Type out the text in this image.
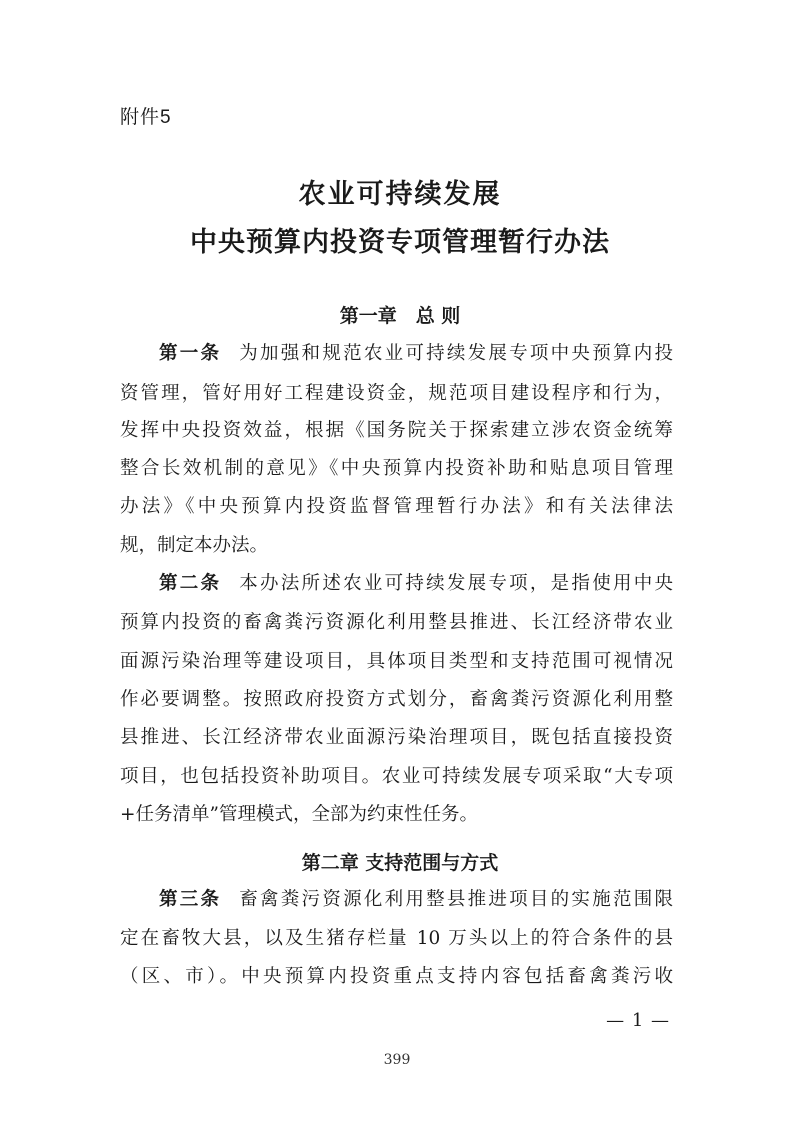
附件5
农业可持续发展
中央预算内投资专项管理暂行办法
第一章　总 则
第一条 为加强和规范农业可持续发展专项中央预算内投
资管理，管好用好工程建设资金，规范项目建设程序和行为，
发挥中央投资效益，根据《国务院关于探索建立涉农资金统筹
整合长效机制的意见》《中央预算内投资补助和贴息项目管理
办法》《中央预算内投资监督管理暂行办法》和有关法律法
规，制定本办法。
第二条 本办法所述农业可持续发展专项，是指使用中央
预算内投资的畜禽粪污资源化利用整县推进、长江经济带农业
面源污染治理等建设项目，具体项目类型和支持范围可视情况
作必要调整。按照政府投资方式划分，畜禽粪污资源化利用整
县推进、长江经济带农业面源污染治理项目，既包括直接投资
项目，也包括投资补助项目。农业可持续发展专项采取“大专项
+任务清单”管理模式，全部为约束性任务。
第二章 支持范围与方式
第三条 畜禽粪污资源化利用整县推进项目的实施范围限
定在畜牧大县，以及生猪存栏量 10 万头以上的符合条件的县
（区、市）。中央预算内投资重点支持内容包括畜禽粪污收
— 1 —
399
